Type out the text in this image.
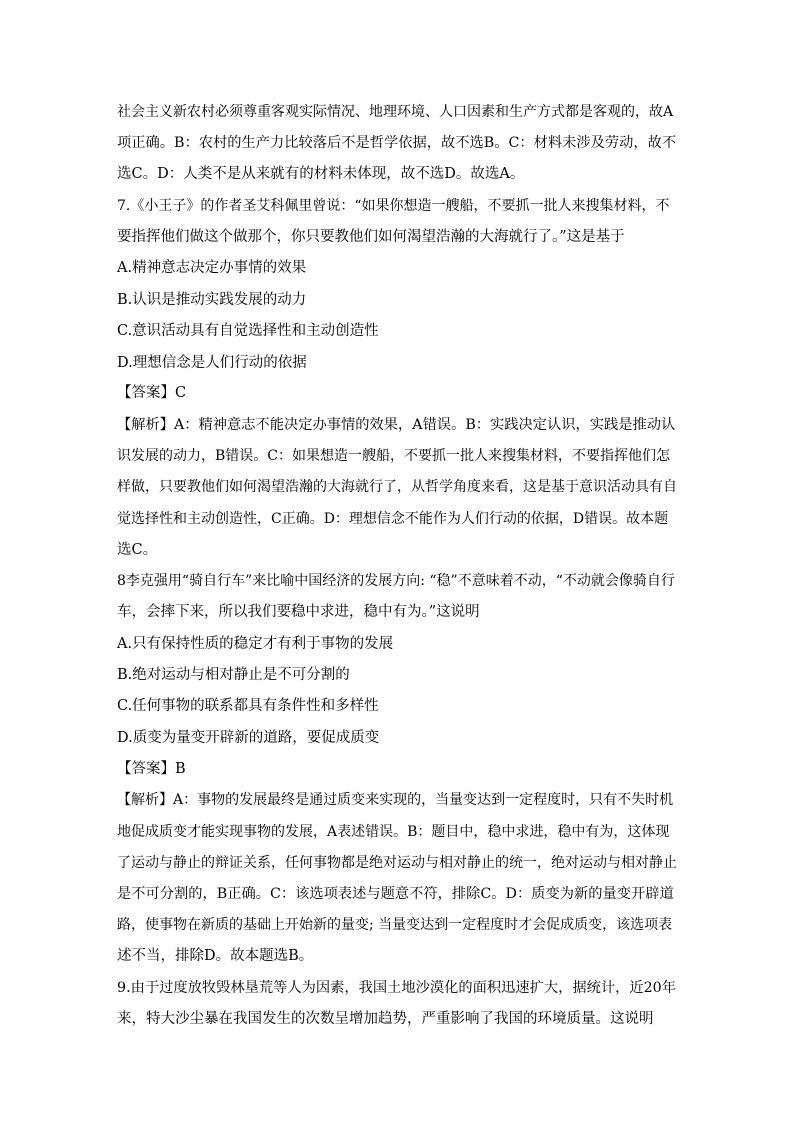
社会主义新农村必须尊重客观实际情况、地理环境、人口因素和生产方式都是客观的，故A
项正确。B：农村的生产力比较落后不是哲学依据，故不选B。C：材料未涉及劳动，故不
选C。D：人类不是从来就有的材料未体现，故不选D。故选A。
7.《小王子》的作者圣艾科佩里曾说：“如果你想造一艘船，不要抓一批人来搜集材料，不
要指挥他们做这个做那个，你只要教他们如何渴望浩瀚的大海就行了。”这是基于
A.精神意志决定办事情的效果
B.认识是推动实践发展的动力
C.意识活动具有自觉选择性和主动创造性
D.理想信念是人们行动的依据
【答案】C
【解析】A：精神意志不能决定办事情的效果，A错误。B：实践决定认识，实践是推动认
识发展的动力，B错误。C：如果想造一艘船，不要抓一批人来搜集材料，不要指挥他们怎
样做，只要教他们如何渴望浩瀚的大海就行了，从哲学角度来看，这是基于意识活动具有自
觉选择性和主动创造性，C正确。D：理想信念不能作为人们行动的依据，D错误。故本题
选C。
8李克强用“骑自行车”来比喻中国经济的发展方向: “稳”不意味着不动，“不动就会像骑自行
车，会摔下来，所以我们要稳中求进，稳中有为。”这说明
A.只有保持性质的稳定才有利于事物的发展
B.绝对运动与相对静止是不可分割的
C.任何事物的联系都具有条件性和多样性
D.质变为量变开辟新的道路，要促成质变
【答案】B
【解析】A：事物的发展最终是通过质变来实现的，当量变达到一定程度时，只有不失时机
地促成质变才能实现事物的发展，A表述错误。B：题目中，稳中求进，稳中有为，这体现
了运动与静止的辩证关系，任何事物都是绝对运动与相对静止的统一，绝对运动与相对静止
是不可分割的，B正确。C：该选项表述与题意不符，排除C。D：质变为新的量变开辟道
路，使事物在新质的基础上开始新的量变; 当量变达到一定程度时才会促成质变，该选项表
述不当，排除D。故本题选B。
9.由于过度放牧毁林垦荒等人为因素，我国土地沙漠化的面积迅速扩大，据统计，近20年
来，特大沙尘暴在我国发生的次数呈增加趋势，严重影响了我国的环境质量。这说明
